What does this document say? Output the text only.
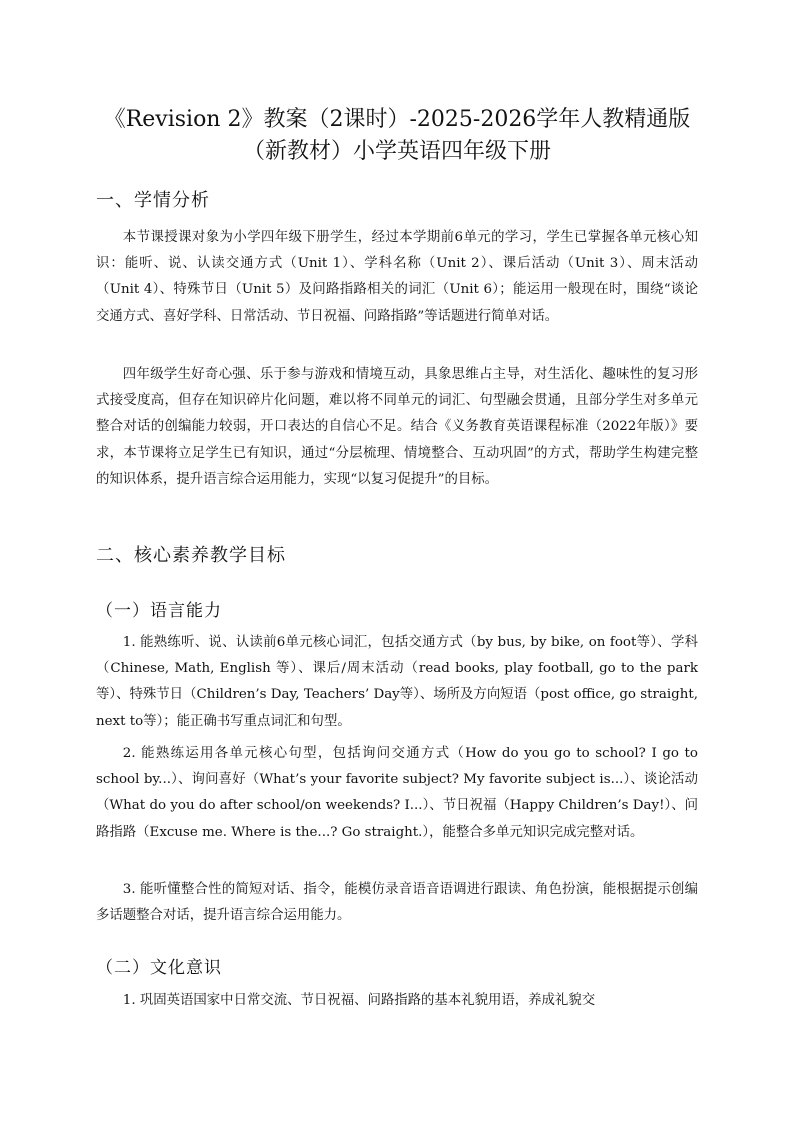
《Revision 2》教案（2课时）-2025-2026学年人教精通版
（新教材）小学英语四年级下册
一、学情分析

本节课授课对象为小学四年级下册学生，经过本学期前6单元的学习，学生已掌握各单元核心知识：能听、说、认读交通方式（Unit 1）、学科名称（Unit 2）、课后活动（Unit 3）、周末活动（Unit 4）、特殊节日（Unit 5）及问路指路相关的词汇（Unit 6）；能运用一般现在时，围绕“谈论交通方式、喜好学科、日常活动、节日祝福、问路指路”等话题进行简单对话。

四年级学生好奇心强、乐于参与游戏和情境互动，具象思维占主导，对生活化、趣味性的复习形式接受度高，但存在知识碎片化问题，难以将不同单元的词汇、句型融会贯通，且部分学生对多单元整合对话的创编能力较弱，开口表达的自信心不足。结合《义务教育英语课程标准（2022年版）》要求，本节课将立足学生已有知识，通过“分层梳理、情境整合、互动巩固”的方式，帮助学生构建完整的知识体系，提升语言综合运用能力，实现“以复习促提升”的目标。

二、核心素养教学目标
（一）语言能力

1. 能熟练听、说、认读前6单元核心词汇，包括交通方式（by bus, by bike, on foot等）、学科（Chinese, Math, English 等）、课后/周末活动（read books, play football, go to the park等）、特殊节日（Children’s Day, Teachers’ Day等）、场所及方向短语（post office, go straight, next to等）；能正确书写重点词汇和句型。

2. 能熟练运用各单元核心句型，包括询问交通方式（How do you go to school? I go to school by...）、询问喜好（What’s your favorite subject? My favorite subject is...）、谈论活动（What do you do after school/on weekends? I...）、节日祝福（Happy Children’s Day!）、问路指路（Excuse me. Where is the...? Go straight.），能整合多单元知识完成完整对话。

3. 能听懂整合性的简短对话、指令，能模仿录音语音语调进行跟读、角色扮演，能根据提示创编多话题整合对话，提升语言综合运用能力。

（二）文化意识

1. 巩固英语国家中日常交流、节日祝福、问路指路的基本礼貌用语，养成礼貌交
